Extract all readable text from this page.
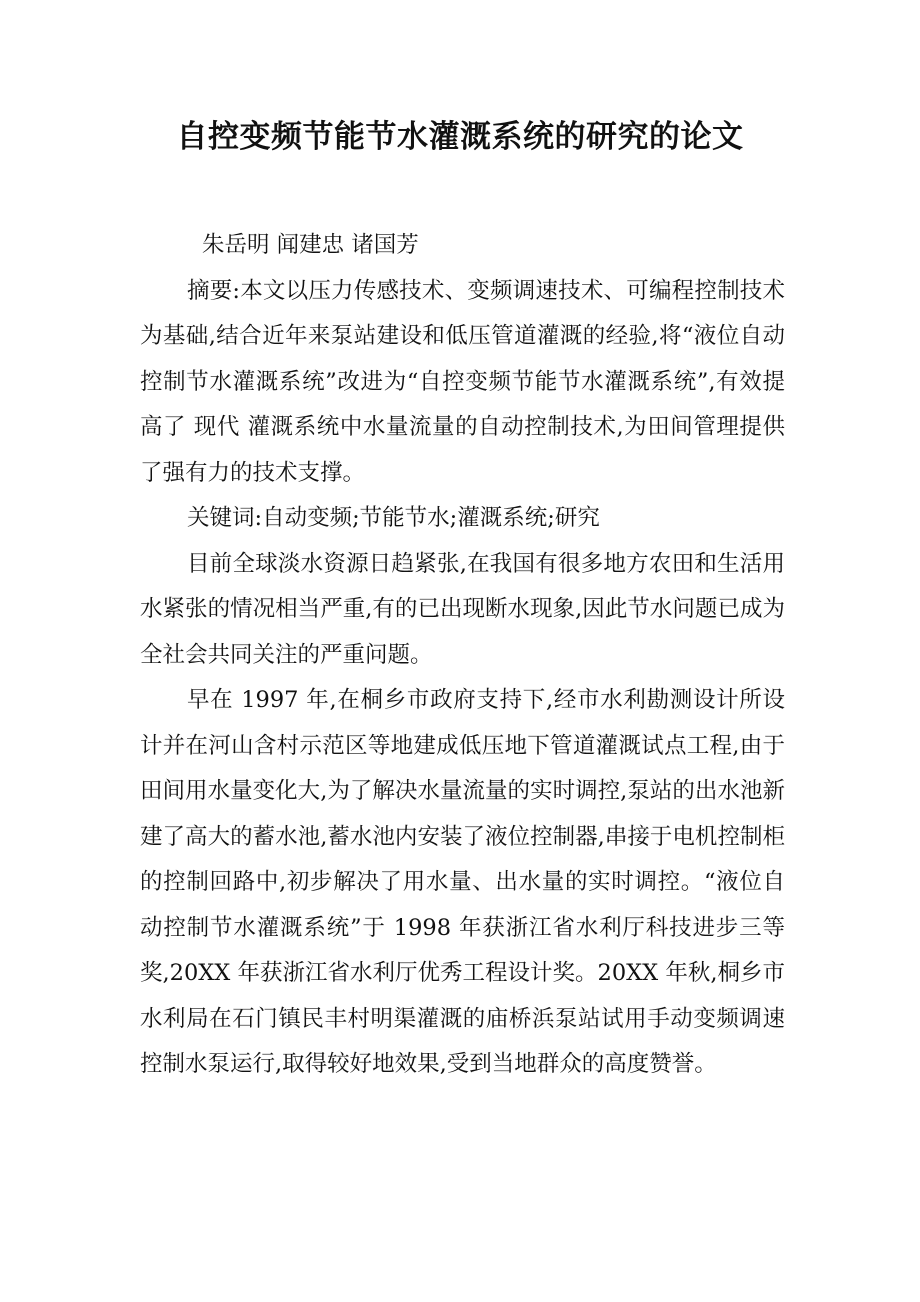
自控变频节能节水灌溉系统的研究的论文

朱岳明 闻建忠 诸国芳

摘要:本文以压力传感技术、变频调速技术、可编程控制技术为基础,结合近年来泵站建设和低压管道灌溉的经验,将“液位自动控制节水灌溉系统”改进为“自控变频节能节水灌溉系统”,有效提高了 现代 灌溉系统中水量流量的自动控制技术,为田间管理提供了强有力的技术支撑。

关键词:自动变频;节能节水;灌溉系统;研究

目前全球淡水资源日趋紧张,在我国有很多地方农田和生活用水紧张的情况相当严重,有的已出现断水现象,因此节水问题已成为全社会共同关注的严重问题。

早在 1997 年,在桐乡市政府支持下,经市水利勘测设计所设计并在河山含村示范区等地建成低压地下管道灌溉试点工程,由于田间用水量变化大,为了解决水量流量的实时调控,泵站的出水池新建了高大的蓄水池,蓄水池内安装了液位控制器,串接于电机控制柜的控制回路中,初步解决了用水量、出水量的实时调控。“液位自动控制节水灌溉系统”于 1998 年获浙江省水利厅科技进步三等奖,20XX 年获浙江省水利厅优秀工程设计奖。20XX 年秋,桐乡市水利局在石门镇民丰村明渠灌溉的庙桥浜泵站试用手动变频调速控制水泵运行,取得较好地效果,受到当地群众的高度赞誉。
